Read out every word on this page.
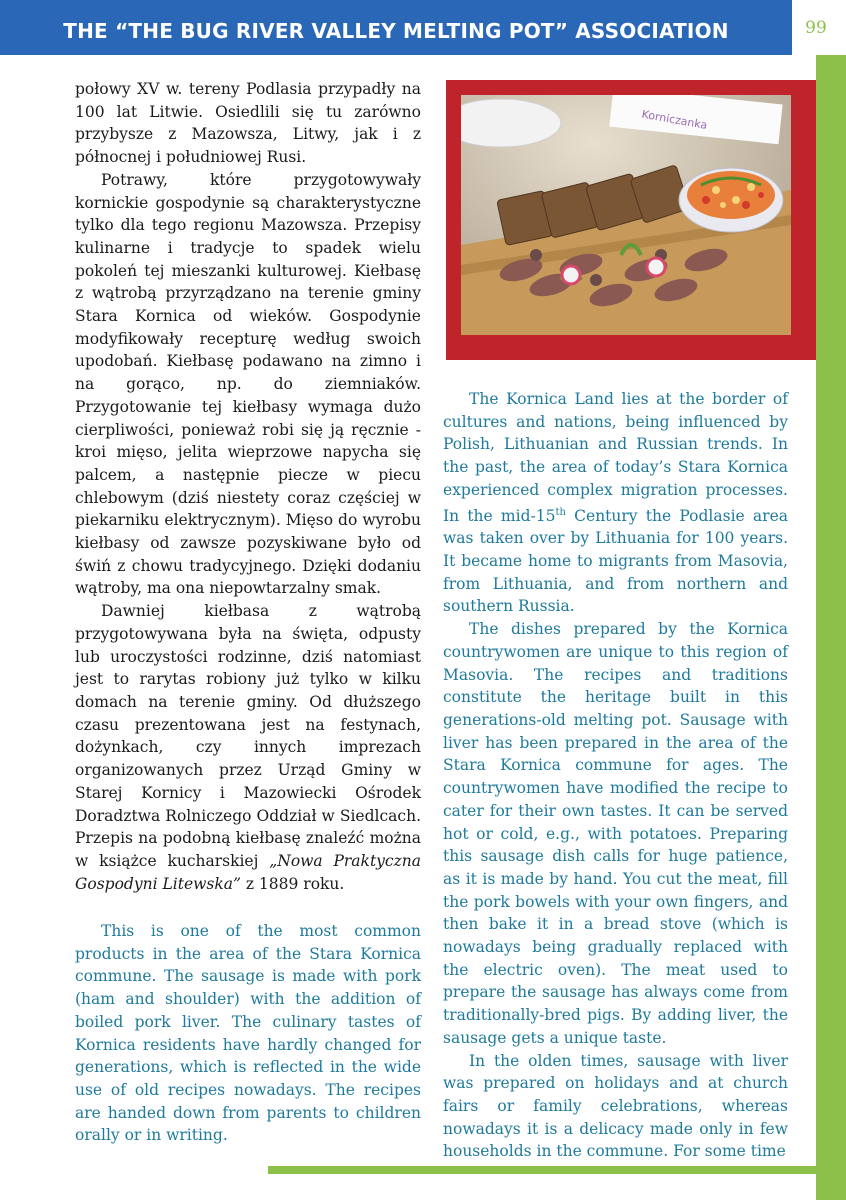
THE “THE BUG RIVER VALLEY MELTING POT” ASSOCIATION	99
Korniczanka

połowy XV w. tereny Podlasia przypadły na 100 lat Litwie. Osiedlili się tu zarówno przybysze z Mazowsza, Litwy, jak i z północnej i południowej Rusi.

Potrawy, które przygotowywały kornickie gospodynie są charakterystyczne tylko dla tego regionu Mazowsza. Przepisy kulinarne i tradycje to spadek wielu pokoleń tej mieszanki kulturowej. Kiełbasę z wątrobą przyrządzano na terenie gminy Stara Kornica od wieków. Gospodynie modyfikowały recepturę według swoich upodobań. Kiełbasę podawano na zimno i na gorąco, np. do ziemniaków. Przygotowanie tej kiełbasy wymaga dużo cierpliwości, ponieważ robi się ją ręcznie - kroi mięso, jelita wieprzowe napycha się palcem, a następnie piecze w piecu chlebowym (dziś niestety coraz częściej w piekarniku elektrycznym). Mięso do wyrobu kiełbasy od zawsze pozyskiwane było od świń z chowu tradycyjnego. Dzięki dodaniu wątroby, ma ona niepowtarzalny smak.

Dawniej kiełbasa z wątrobą przygotowywana była na święta, odpusty lub uroczystości rodzinne, dziś natomiast jest to rarytas robiony już tylko w kilku domach na terenie gminy. Od dłuższego czasu prezentowana jest na festynach, dożynkach, czy innych imprezach organizowanych przez Urząd Gminy w Starej Kornicy i Mazowiecki Ośrodek Doradztwa Rolniczego Oddział w Siedlcach. Przepis na podobną kiełbasę znaleźć można w książce kucharskiej „Nowa Praktyczna Gospodyni Litewska” z 1889 roku.

This is one of the most common products in the area of the Stara Kornica commune. The sausage is made with pork (ham and shoulder) with the addition of boiled pork liver. The culinary tastes of Kornica residents have hardly changed for generations, which is reflected in the wide use of old recipes nowadays. The recipes are handed down from parents to children orally or in writing.

The Kornica Land lies at the border of cultures and nations, being influenced by Polish, Lithuanian and Russian trends. In the past, the area of today’s Stara Kornica experienced complex migration processes. In the mid-15th Century the Podlasie area was taken over by Lithuania for 100 years. It became home to migrants from Masovia, from Lithuania, and from northern and southern Russia.

The dishes prepared by the Kornica countrywomen are unique to this region of Masovia. The recipes and traditions constitute the heritage built in this generations-old melting pot. Sausage with liver has been prepared in the area of the Stara Kornica commune for ages. The countrywomen have modified the recipe to cater for their own tastes. It can be served hot or cold, e.g., with potatoes. Preparing this sausage dish calls for huge patience, as it is made by hand. You cut the meat, fill the pork bowels with your own fingers, and then bake it in a bread stove (which is nowadays being gradually replaced with the electric oven). The meat used to prepare the sausage has always come from traditionally-bred pigs. By adding liver, the sausage gets a unique taste.

In the olden times, sausage with liver was prepared on holidays and at church fairs or family celebrations, whereas nowadays it is a delicacy made only in few households in the commune. For some time
